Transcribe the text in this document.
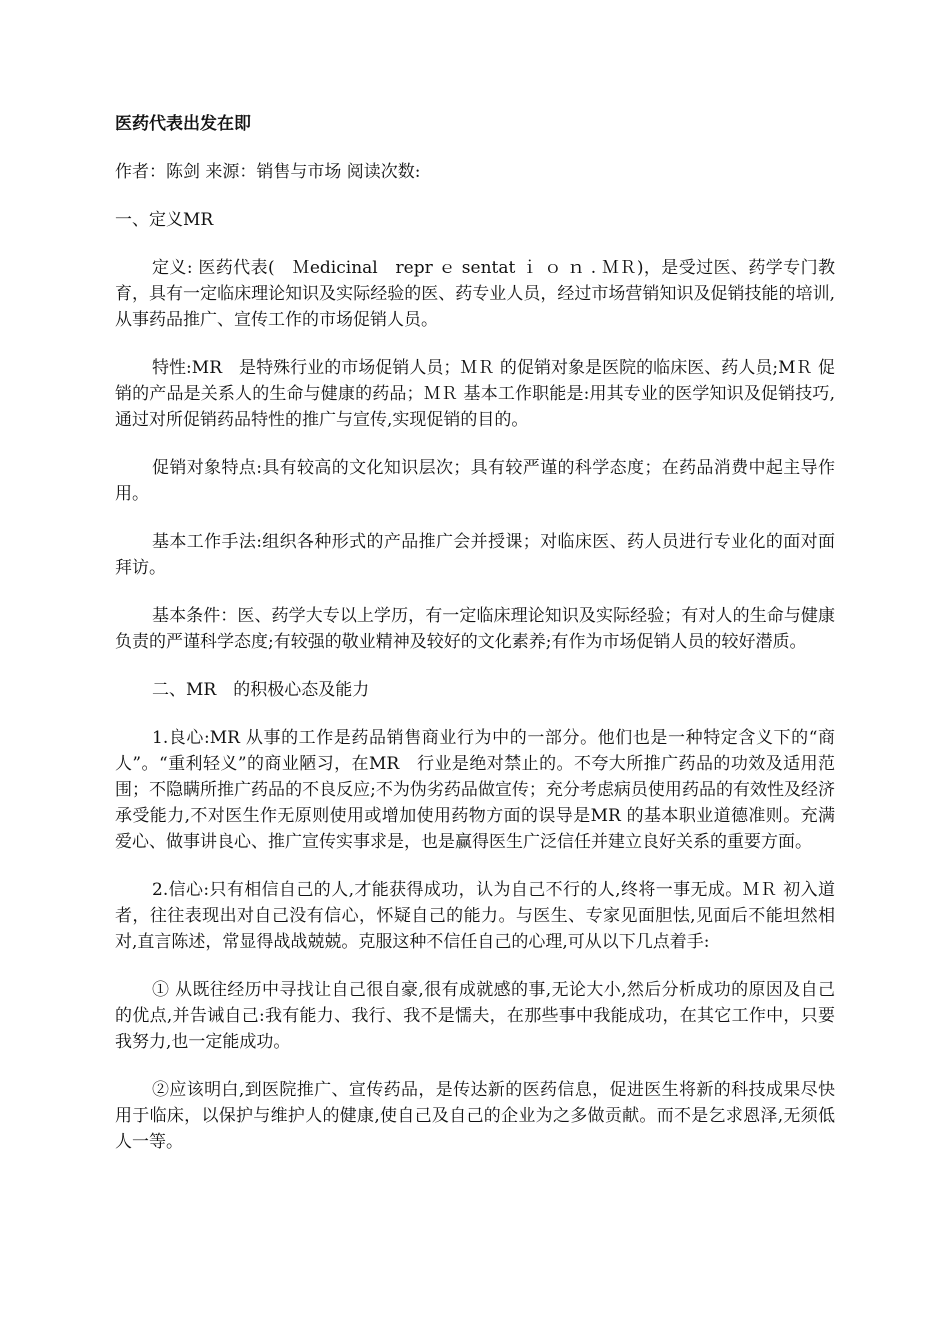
医药代表出发在即

作者：陈剑 来源：销售与市场 阅读次数:

一、定义MR

定义: 医药代表(　Ｍedicinal　repr ｅ sentat ｉ ｏ ｎ . ＭＲ)，是受过医、药学专门教育，具有一定临床理论知识及实际经验的医、药专业人员，经过市场营销知识及促销技能的培训,从事药品推广、宣传工作的市场促销人员。

特性:MR　是特殊行业的市场促销人员；ＭＲ 的促销对象是医院的临床医、药人员;MＲ 促销的产品是关系人的生命与健康的药品；ＭＲ 基本工作职能是:用其专业的医学知识及促销技巧,通过对所促销药品特性的推广与宣传,实现促销的目的。

促销对象特点:具有较高的文化知识层次；具有较严谨的科学态度；在药品消费中起主导作用。

基本工作手法:组织各种形式的产品推广会并授课；对临床医、药人员进行专业化的面对面拜访。

基本条件：医、药学大专以上学历，有一定临床理论知识及实际经验；有对人的生命与健康负责的严谨科学态度;有较强的敬业精神及较好的文化素养;有作为市场促销人员的较好潜质。

二、MR　的积极心态及能力

1.良心:MR 从事的工作是药品销售商业行为中的一部分。他们也是一种特定含义下的“商人”。“重利轻义”的商业陋习，在MR　行业是绝对禁止的。不夸大所推广药品的功效及适用范围；不隐瞒所推广药品的不良反应;不为伪劣药品做宣传；充分考虑病员使用药品的有效性及经济承受能力,不对医生作无原则使用或增加使用药物方面的误导是MR 的基本职业道德准则。充满爱心、做事讲良心、推广宣传实事求是，也是赢得医生广泛信任并建立良好关系的重要方面。

2.信心:只有相信自己的人,才能获得成功，认为自己不行的人,终将一事无成。ＭＲ 初入道者，往往表现出对自己没有信心，怀疑自己的能力。与医生、专家见面胆怯,见面后不能坦然相对,直言陈述，常显得战战兢兢。克服这种不信任自己的心理,可从以下几点着手:

① 从既往经历中寻找让自己很自豪,很有成就感的事,无论大小,然后分析成功的原因及自己的优点,并告诫自己:我有能力、我行、我不是懦夫，在那些事中我能成功，在其它工作中，只要我努力,也一定能成功。

②应该明白,到医院推广、宣传药品，是传达新的医药信息，促进医生将新的科技成果尽快用于临床，以保护与维护人的健康,使自己及自己的企业为之多做贡献。而不是乞求恩泽,无须低人一等。
